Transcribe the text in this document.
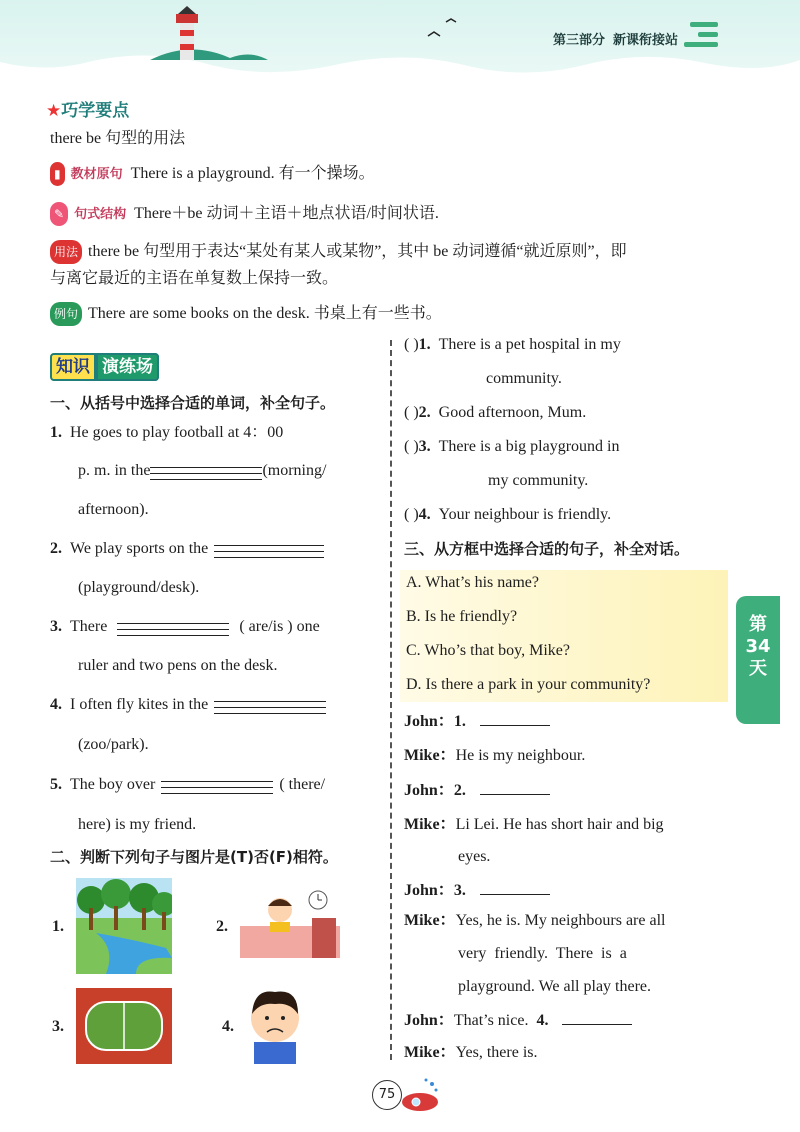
第三部分 新课衔接站
★巧学要点
there be 句型的用法
▮ 教材原句 There is a playground. 有一个操场。
✎ 句式结构 There＋be 动词＋主语＋地点状语/时间状语.
用法 there be 句型用于表达“某处有某人或某物”，其中 be 动词遵循“就近原则”，即
与离它最近的主语在单复数上保持一致。
例句 There are some books on the desk. 书桌上有一些书。
知识 演练场
一、从括号中选择合适的单词，补全句子。
1. He goes to play football at 4：00
p. m. in the	(morning/
afternoon).
2. We play sports on the
(playground/desk).
3. There	( are/is ) one
ruler and two pens on the desk.
4. I often fly kites in the
(zoo/park).
5. The boy over	( there/
here) is my friend.
二、判断下列句子与图片是(T)否(F)相符。
1.	2.
3.	4.
( )1. There is a pet hospital in my
community.
( )2. Good afternoon, Mum.
( )3. There is a big playground in
my community.
( )4. Your neighbour is friendly.
三、从方框中选择合适的句子，补全对话。
A. What’s his name?
B. Is he friendly?
C. Who’s that boy, Mike?
D. Is there a park in your community?
John：1.
Mike：He is my neighbour.
John：2.
Mike：Li Lei. He has short hair and big
eyes.
John：3.
Mike：Yes, he is. My neighbours are all
very  friendly.  There  is  a
playground. We all play there.
John：That’s nice. 4.
Mike：Yes, there is.
第
34
天
75
